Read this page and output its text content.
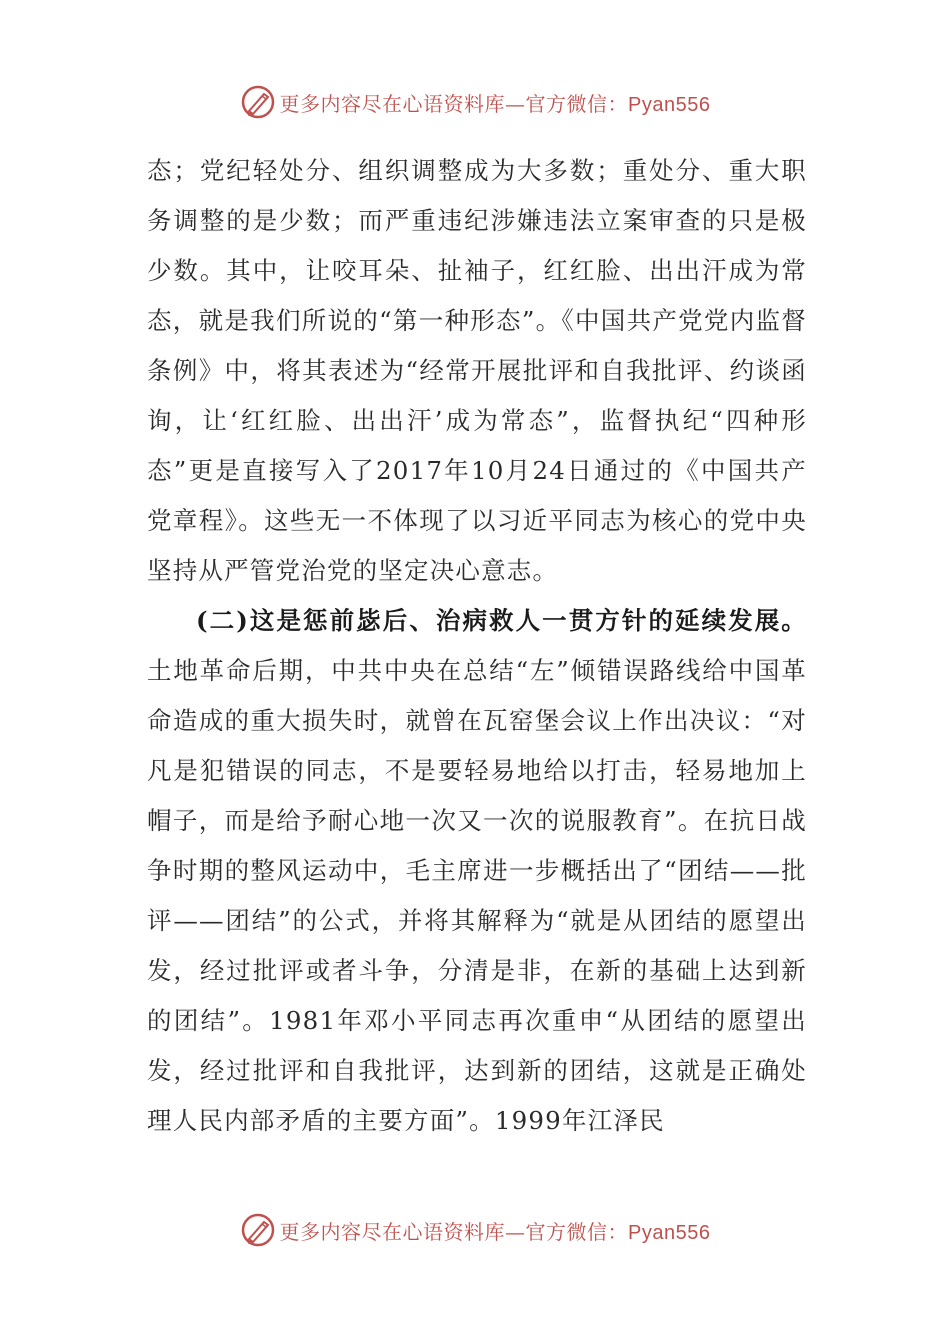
更多内容尽在心语资料库—官方微信：Pyan556

态；党纪轻处分、组织调整成为大多数；重处分、重大职务调整的是少数；而严重违纪涉嫌违法立案审查的只是极少数。其中，让咬耳朵、扯袖子，红红脸、出出汗成为常态，就是我们所说的“第一种形态”。《中国共产党党内监督条例》中，将其表述为“经常开展批评和自我批评、约谈函询，让‘红红脸、出出汗’成为常态”，监督执纪“四种形态”更是直接写入了2017年10月24日通过的《中国共产党章程》。这些无一不体现了以习近平同志为核心的党中央坚持从严管党治党的坚定决心意志。

(二)这是惩前毖后、治病救人一贯方针的延续发展。土地革命后期，中共中央在总结“左”倾错误路线给中国革命造成的重大损失时，就曾在瓦窑堡会议上作出决议：“对凡是犯错误的同志，不是要轻易地给以打击，轻易地加上帽子，而是给予耐心地一次又一次的说服教育”。在抗日战争时期的整风运动中，毛主席进一步概括出了“团结——批评——团结”的公式，并将其解释为“就是从团结的愿望出发，经过批评或者斗争，分清是非，在新的基础上达到新的团结”。1981年邓小平同志再次重申“从团结的愿望出发，经过批评和自我批评，达到新的团结，这就是正确处理人民内部矛盾的主要方面”。1999年江泽民

更多内容尽在心语资料库—官方微信：Pyan556
